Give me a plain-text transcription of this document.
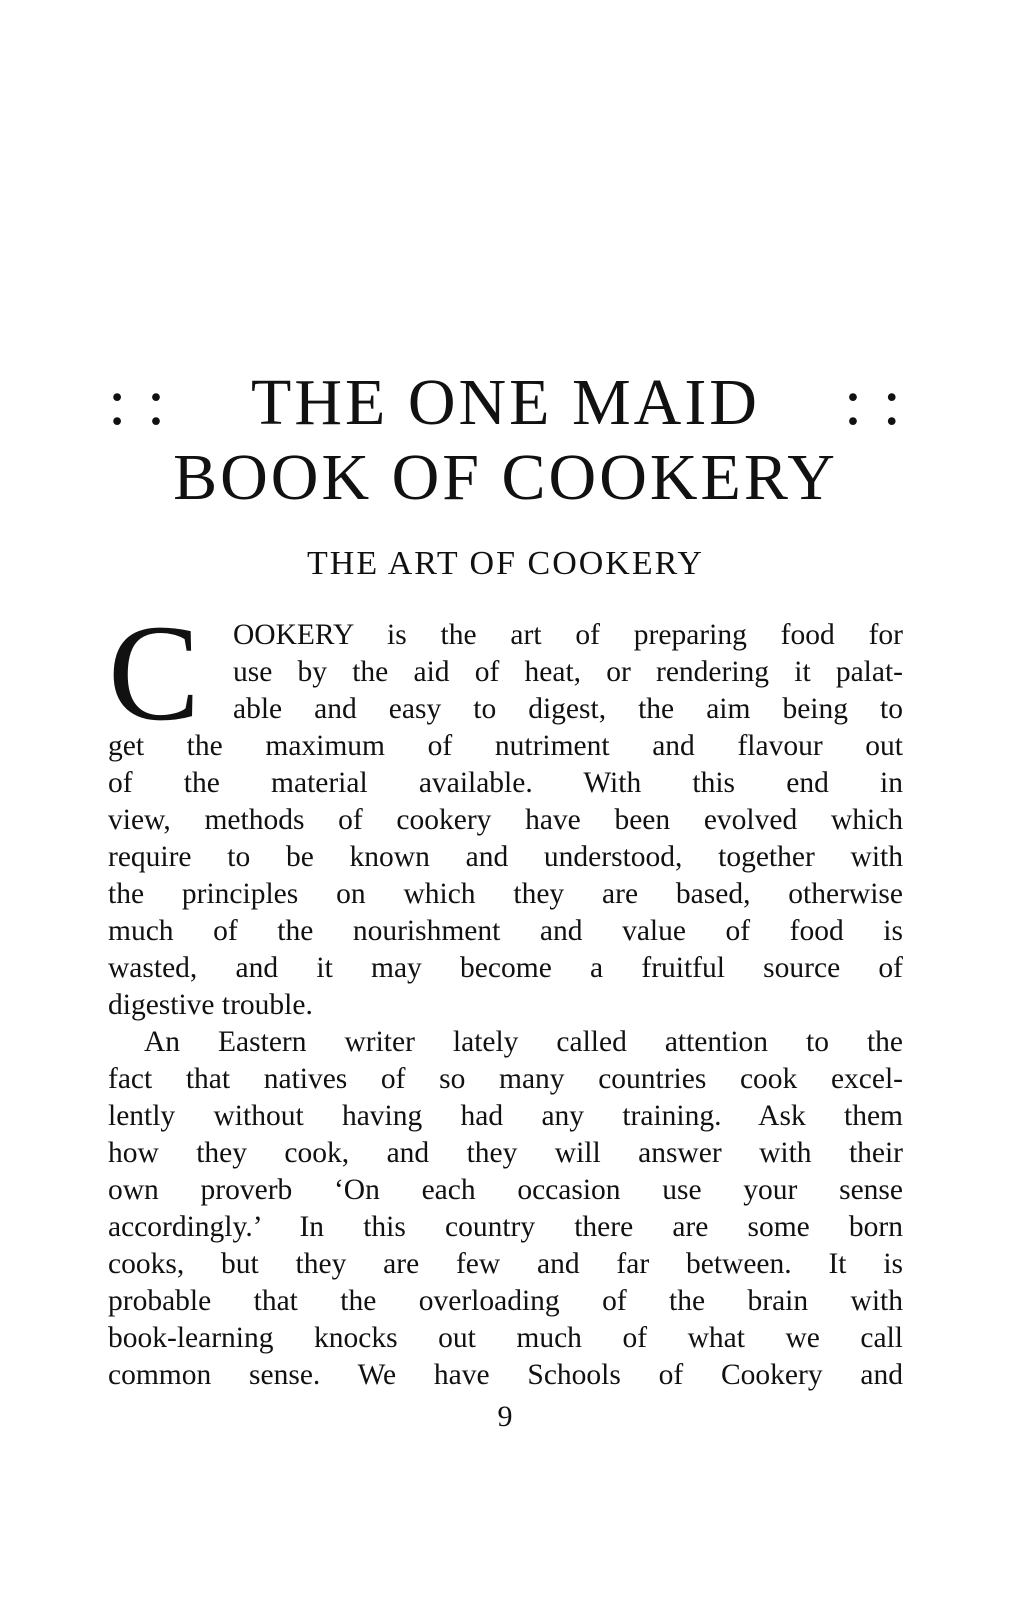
: : THE ONE MAID : :
BOOK OF COOKERY
THE ART OF COOKERY
C	OOKERY is the art of preparing food for
use by the aid of heat, or rendering it palat-
able and easy to digest, the aim being to
get the maximum of nutriment and flavour out
of the material available. With this end in
view, methods of cookery have been evolved which
require to be known and understood, together with
the principles on which they are based, otherwise
much of the nourishment and value of food is
wasted, and it may become a fruitful source of
digestive trouble.
An Eastern writer lately called attention to the
fact that natives of so many countries cook excel-
lently without having had any training. Ask them
how they cook, and they will answer with their
own proverb ‘On each occasion use your sense
accordingly.’ In this country there are some born
cooks, but they are few and far between. It is
probable that the overloading of the brain with
book-learning knocks out much of what we call
common sense. We have Schools of Cookery and
9
